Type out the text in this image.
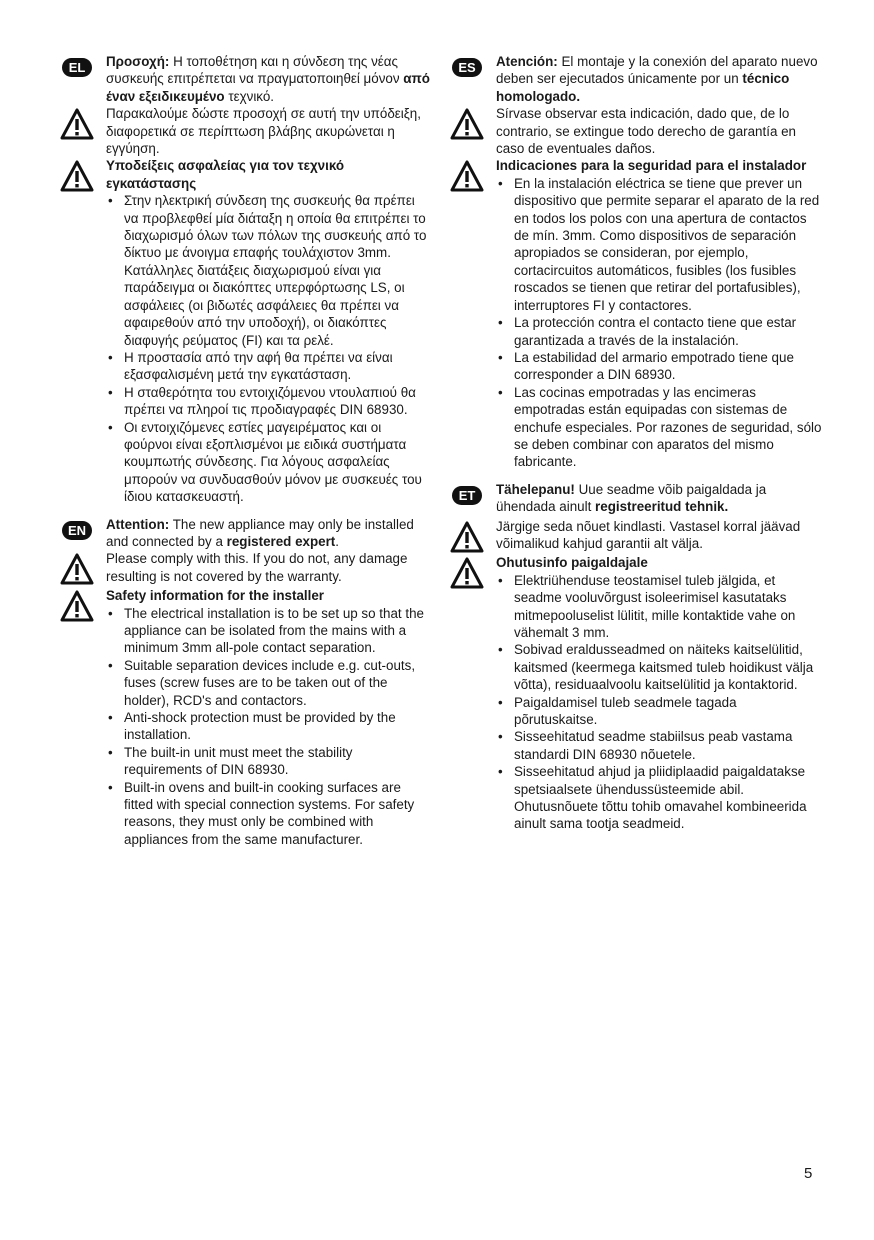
EL	Προσοχή: Η τοποθέτηση και η σύνδεση της νέας συσκευής επιτρέπεται να πραγματοποιηθεί μόνον από έναν εξειδικευμένο τεχνικό.

Παρακαλούμε δώστε προσοχή σε αυτή την υπόδειξη, διαφορετικά σε περίπτωση βλάβης ακυρώνεται η εγγύηση.

Υποδείξεις ασφαλείας για τον τεχνικό εγκατάστασης

• Στην ηλεκτρική σύνδεση της συσκευής θα πρέπει να προβλεφθεί μία διάταξη η οποία θα επιτρέπει το διαχωρισμό όλων των πόλων της συσκευής από το δίκτυο με άνοιγμα επαφής τουλάχιστον 3mm. Κατάλληλες διατάξεις διαχωρισμού είναι για παράδειγμα οι διακόπτες υπερφόρτωσης LS, οι ασφάλειες (οι βιδωτές ασφάλειες θα πρέπει να αφαιρεθούν από την υποδοχή), οι διακόπτες διαφυγής ρεύματος (FI) και τα ρελέ.
• Η προστασία από την αφή θα πρέπει να είναι εξασφαλισμένη μετά την εγκατάσταση.
• Η σταθερότητα του εντοιχιζόμενου ντουλαπιού θα πρέπει να πληροί τις προδιαγραφές DIN 68930.
• Οι εντοιχιζόμενες εστίες μαγειρέματος και οι φούρνοι είναι εξοπλισμένοι με ειδικά συστήματα κουμπωτής σύνδεσης. Για λόγους ασφαλείας μπορούν να συνδυασθούν μόνον με συσκευές του ίδιου κατασκευαστή.
EN	Attention: The new appliance may only be installed and connected by a registered expert.

Please comply with this. If you do not, any damage resulting is not covered by the warranty.

Safety information for the installer

• The electrical installation is to be set up so that the appliance can be isolated from the mains with a minimum 3mm all-pole contact separation.
• Suitable separation devices include e.g. cut-outs, fuses (screw fuses are to be taken out of the holder), RCD's and contactors.
• Anti-shock protection must be provided by the installation.
• The built-in unit must meet the stability requirements of DIN 68930.
• Built-in ovens and built-in cooking surfaces are fitted with special connection systems. For safety reasons, they must only be combined with appliances from the same manufacturer.
ES	Atención: El montaje y la conexión del aparato nuevo deben ser ejecutados únicamente por un técnico homologado.

Sírvase observar esta indicación, dado que, de lo contrario, se extingue todo derecho de garantía en caso de eventuales daños.

Indicaciones para la seguridad para el instalador

• En la instalación eléctrica se tiene que prever un dispositivo que permite separar el aparato de la red en todos los polos con una apertura de contactos de mín. 3mm. Como dispositivos de separación apropiados se consideran, por ejemplo, cortacircuitos automáticos, fusibles (los fusibles roscados se tienen que retirar del portafusibles), interruptores FI y contactores.
• La protección contra el contacto tiene que estar garantizada a través de la instalación.
• La estabilidad del armario empotrado tiene que corresponder a DIN 68930.
• Las cocinas empotradas y las encimeras empotradas están equipadas con sistemas de enchufe especiales. Por razones de seguridad, sólo se deben combinar con aparatos del mismo fabricante.
ET	Tähelepanu! Uue seadme võib paigaldada ja ühendada ainult registreeritud tehnik.

Järgige seda nõuet kindlasti. Vastasel korral jäävad võimalikud kahjud garantii alt välja.

Ohutusinfo paigaldajale

• Elektriühenduse teostamisel tuleb jälgida, et seadme vooluvõrgust isoleerimisel kasutataks mitmepooluselist lülitit, mille kontaktide vahe on vähemalt 3 mm.
• Sobivad eraldusseadmed on näiteks kaitselülitid, kaitsmed (keermega kaitsmed tuleb hoidikust välja võtta), residuaalvoolu kaitselülitid ja kontaktorid.
• Paigaldamisel tuleb seadmele tagada põrutuskaitse.
• Sisseehitatud seadme stabiilsus peab vastama standardi DIN 68930 nõuetele.
• Sisseehitatud ahjud ja pliidiplaadid paigaldatakse spetsiaalsete ühendussüsteemide abil. Ohutusnõuete tõttu tohib omavahel kombineerida ainult sama tootja seadmeid.
5
